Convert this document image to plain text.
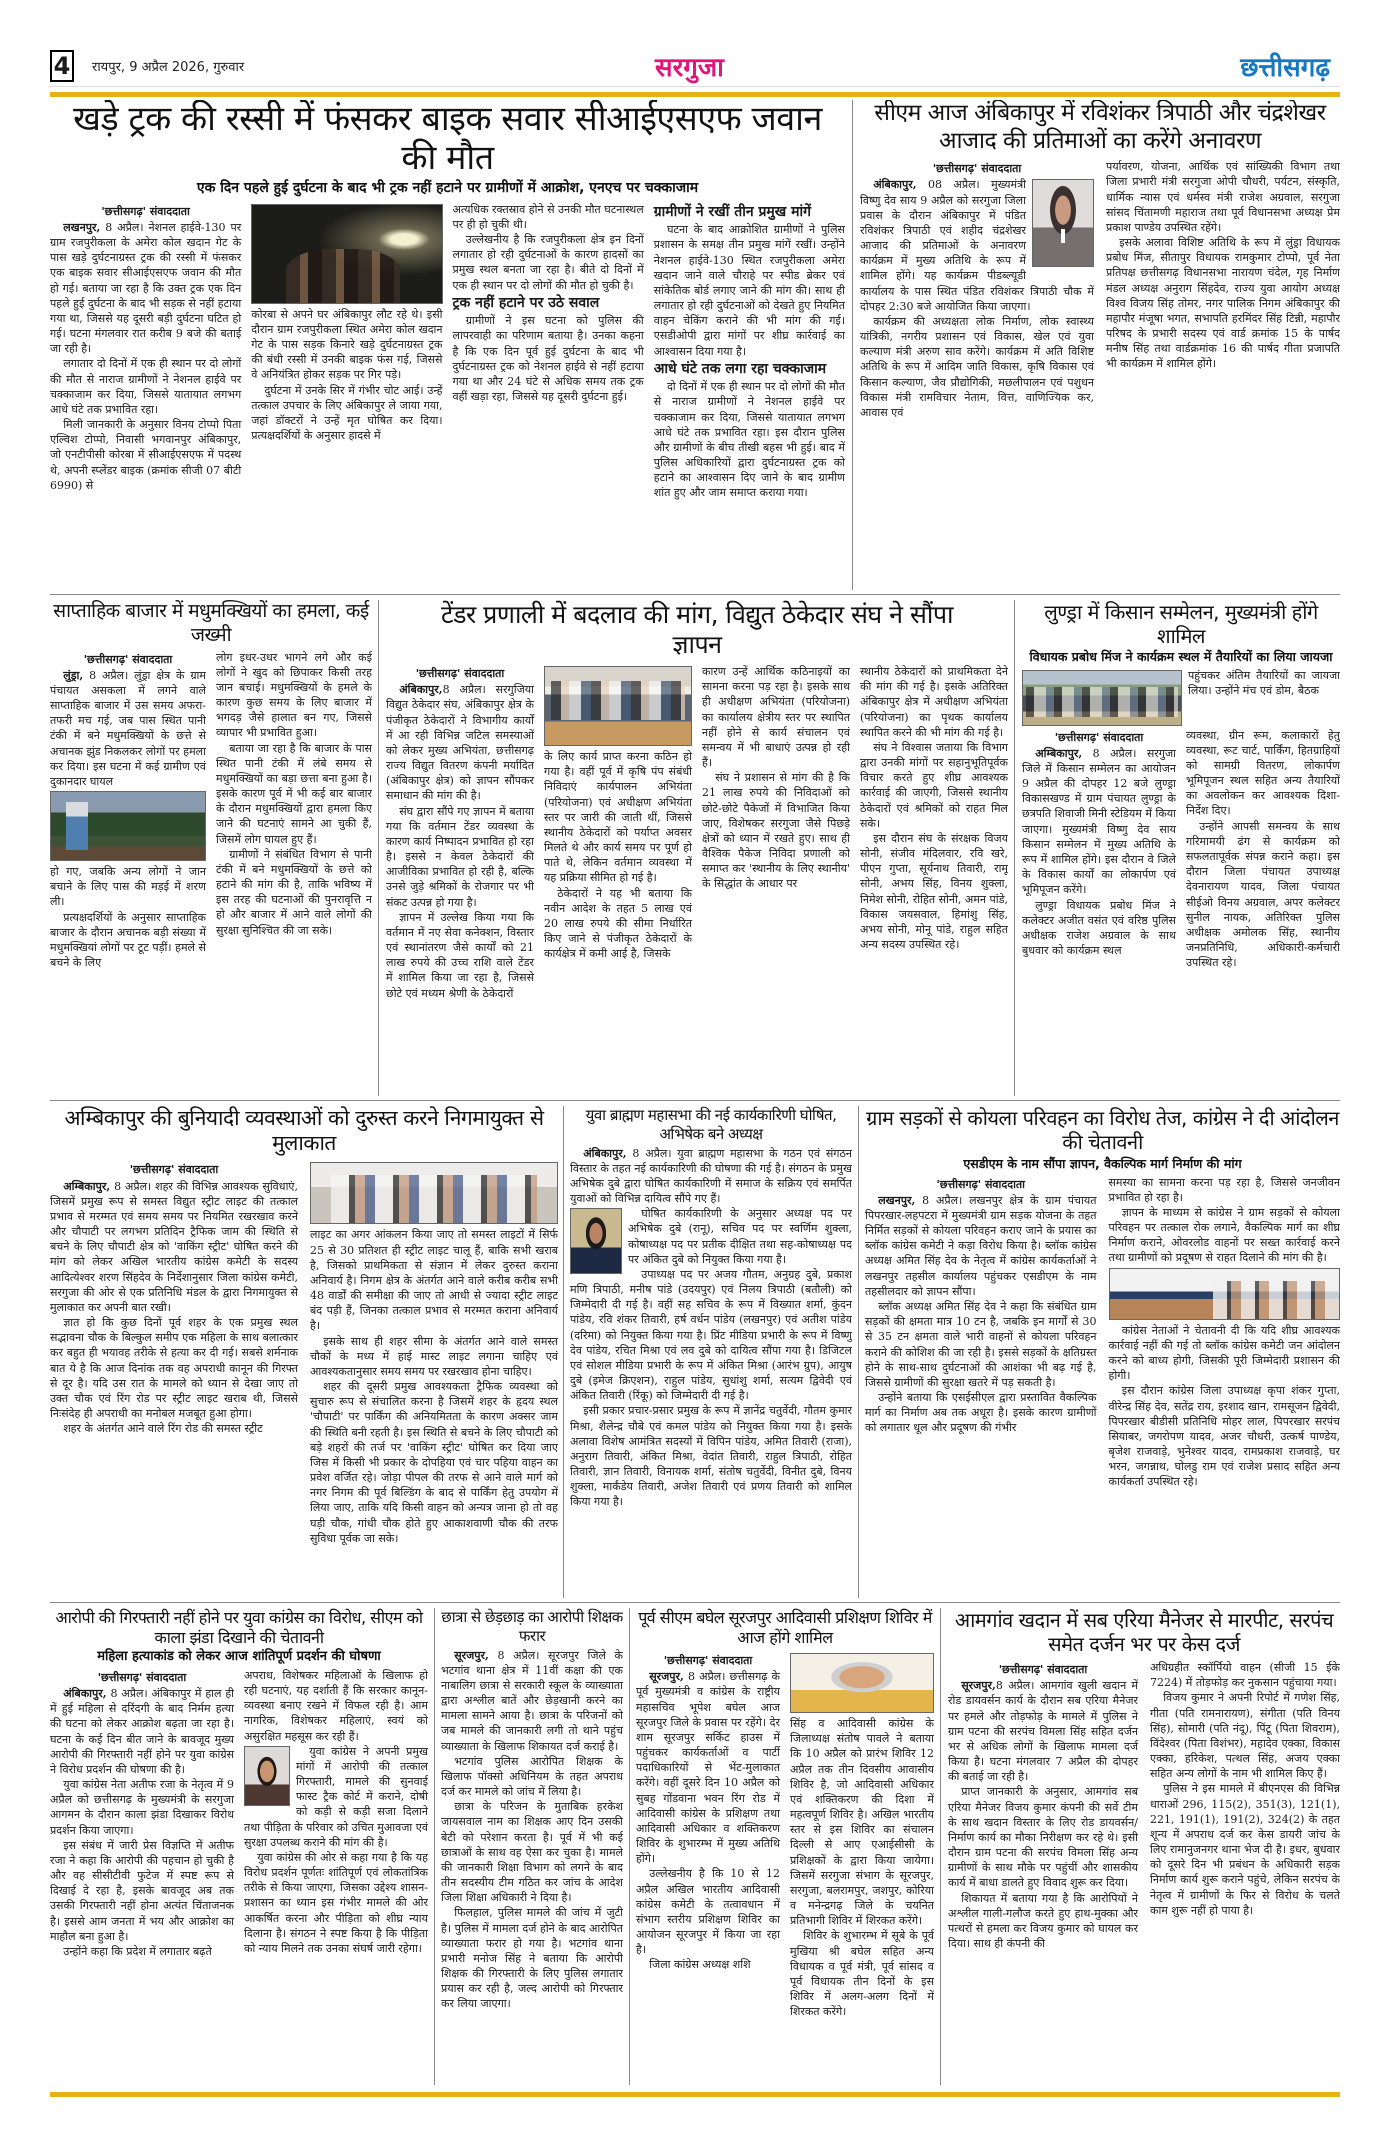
4 रायपुर, 9 अप्रैल 2026, गुरुवार	सरगुजा	छत्तीसगढ़
खड़े ट्रक की रस्सी में फंसकर बाइक सवार सीआईएसएफ जवान की मौत
एक दिन पहले हुई दुर्घटना के बाद भी ट्रक नहीं हटाने पर ग्रामीणों में आक्रोश, एनएच पर चक्काजाम
'छत्तीसगढ़' संवाददाता

लखनपुर, 8 अप्रैल। नेशनल हाईवे-130 पर ग्राम रजपुरीकला के अमेरा कोल खदान गेट के पास खड़े दुर्घटनाग्रस्त ट्रक की रस्सी में फंसकर एक बाइक सवार सीआईएसएफ जवान की मौत हो गई। बताया जा रहा है कि उक्त ट्रक एक दिन पहले हुई दुर्घटना के बाद भी सड़क से नहीं हटाया गया था, जिससे यह दूसरी बड़ी दुर्घटना घटित हो गई। घटना मंगलवार रात करीब 9 बजे की बताई जा रही है।

लगातार दो दिनों में एक ही स्थान पर दो लोगों की मौत से नाराज ग्रामीणों ने नेशनल हाईवे पर चक्काजाम कर दिया, जिससे यातायात लगभग आधे घंटे तक प्रभावित रहा।

मिली जानकारी के अनुसार विनय टोप्पो पिता एल्विश टोप्पो, निवासी भगवानपुर अंबिकापुर, जो एनटीपीसी कोरबा में सीआईएसएफ में पदस्थ थे, अपनी स्प्लेंडर बाइक (क्रमांक सीजी 07 बीटी 6990) से

कोरबा से अपने घर अंबिकापुर लौट रहे थे। इसी दौरान ग्राम रजपुरीकला स्थित अमेरा कोल खदान गेट के पास सड़क किनारे खड़े दुर्घटनाग्रस्त ट्रक की बंधी रस्सी में उनकी बाइक फंस गई, जिससे वे अनियंत्रित होकर सड़क पर गिर पड़े।

दुर्घटना में उनके सिर में गंभीर चोट आई। उन्हें तत्काल उपचार के लिए अंबिकापुर ले जाया गया, जहां डॉक्टरों ने उन्हें मृत घोषित कर दिया। प्रत्यक्षदर्शियों के अनुसार हादसे में

अत्यधिक रक्तस्राव होने से उनकी मौत घटनास्थल पर ही हो चुकी थी।

उल्लेखनीय है कि रजपुरीकला क्षेत्र इन दिनों लगातार हो रही दुर्घटनाओं के कारण हादसों का प्रमुख स्थल बनता जा रहा है। बीते दो दिनों में एक ही स्थान पर दो लोगों की मौत हो चुकी है।

ट्रक नहीं हटाने पर उठे सवाल

ग्रामीणों ने इस घटना को पुलिस की लापरवाही का परिणाम बताया है। उनका कहना है कि एक दिन पूर्व हुई दुर्घटना के बाद भी दुर्घटनाग्रस्त ट्रक को नेशनल हाईवे से नहीं हटाया गया था और 24 घंटे से अधिक समय तक ट्रक वहीं खड़ा रहा, जिससे यह दूसरी दुर्घटना हुई।

ग्रामीणों ने रखीं तीन प्रमुख मांगें

घटना के बाद आक्रोशित ग्रामीणों ने पुलिस प्रशासन के समक्ष तीन प्रमुख मांगें रखीं। उन्होंने नेशनल हाईवे-130 स्थित रजपुरीकला अमेरा खदान जाने वाले चौराहे पर स्पीड ब्रेकर एवं सांकेतिक बोर्ड लगाए जाने की मांग की। साथ ही लगातार हो रही दुर्घटनाओं को देखते हुए नियमित वाहन चेकिंग कराने की भी मांग की गई। एसडीओपी द्वारा मांगों पर शीघ्र कार्रवाई का आश्वासन दिया गया है।

आधे घंटे तक लगा रहा चक्काजाम

दो दिनों में एक ही स्थान पर दो लोगों की मौत से नाराज ग्रामीणों ने नेशनल हाईवे पर चक्काजाम कर दिया, जिससे यातायात लगभग आधे घंटे तक प्रभावित रहा। इस दौरान पुलिस और ग्रामीणों के बीच तीखी बहस भी हुई। बाद में पुलिस अधिकारियों द्वारा दुर्घटनाग्रस्त ट्रक को हटाने का आश्वासन दिए जाने के बाद ग्रामीण शांत हुए और जाम समाप्त कराया गया।

सीएम आज अंबिकापुर में रविशंकर त्रिपाठी और चंद्रशेखर आजाद की प्रतिमाओं का करेंगे अनावरण
'छत्तीसगढ़' संवाददाता

अंबिकापुर, 08 अप्रैल। मुख्यमंत्री विष्णु देव साय 9 अप्रैल को सरगुजा जिला प्रवास के दौरान अंबिकापुर में पंडित रविशंकर त्रिपाठी एवं शहीद चंद्रशेखर आजाद की प्रतिमाओं के अनावरण कार्यक्रम में मुख्य अतिथि के रूप में शामिल होंगे। यह कार्यक्रम पीडब्ल्यूडी कार्यालय के पास स्थित पंडित रविशंकर त्रिपाठी चौक में दोपहर 2:30 बजे आयोजित किया जाएगा।

कार्यक्रम की अध्यक्षता लोक निर्माण, लोक स्वास्थ्य यांत्रिकी, नगरीय प्रशासन एवं विकास, खेल एवं युवा कल्याण मंत्री अरुण साव करेंगे। कार्यक्रम में अति विशिष्ट अतिथि के रूप में आदिम जाति विकास, कृषि विकास एवं किसान कल्याण, जैव प्रौद्योगिकी, मछलीपालन एवं पशुधन विकास मंत्री रामविचार नेताम, वित्त, वाणिज्यिक कर, आवास एवं

पर्यावरण, योजना, आर्थिक एवं सांख्यिकी विभाग तथा जिला प्रभारी मंत्री सरगुजा ओपी चौधरी, पर्यटन, संस्कृति, धार्मिक न्यास एवं धर्मस्व मंत्री राजेश अग्रवाल, सरगुजा सांसद चिंतामणी महाराज तथा पूर्व विधानसभा अध्यक्ष प्रेम प्रकाश पाण्डेय उपस्थित रहेंगे।

इसके अलावा विशिष्ट अतिथि के रूप में लुंड्रा विधायक प्रबोध मिंज, सीतापुर विधायक रामकुमार टोप्पो, पूर्व नेता प्रतिपक्ष छत्तीसगढ़ विधानसभा नारायण चंदेल, गृह निर्माण मंडल अध्यक्ष अनुराग सिंहदेव, राज्य युवा आयोग अध्यक्ष विश्व विजय सिंह तोमर, नगर पालिक निगम अंबिकापुर की महापौर मंजूषा भगत, सभापति हरमिंदर सिंह टिन्नी, महापौर परिषद के प्रभारी सदस्य एवं वार्ड क्रमांक 15 के पार्षद मनीष सिंह तथा वार्डक्रमांक 16 की पार्षद गीता प्रजापति भी कार्यक्रम में शामिल होंगे।

साप्ताहिक बाजार में मधुमक्खियों का हमला, कई जख्मी
'छत्तीसगढ़' संवाददाता

लुंड्रा, 8 अप्रैल। लुंड्रा क्षेत्र के ग्राम पंचायत असकला में लगने वाले साप्ताहिक बाजार में उस समय अफरा-तफरी मच गई, जब पास स्थित पानी टंकी में बने मधुमक्खियों के छत्ते से अचानक झुंड निकलकर लोगों पर हमला कर दिया। इस घटना में कई ग्रामीण एवं दुकानदार घायल

हो गए, जबकि अन्य लोगों ने जान बचाने के लिए पास की मड़ई में शरण ली।

प्रत्यक्षदर्शियों के अनुसार साप्ताहिक बाजार के दौरान अचानक बड़ी संख्या में मधुमक्खियां लोगों पर टूट पड़ीं। हमले से बचने के लिए

लोग इधर-उधर भागने लगे और कई लोगों ने खुद को छिपाकर किसी तरह जान बचाई। मधुमक्खियों के हमले के कारण कुछ समय के लिए बाजार में भगदड़ जैसे हालात बन गए, जिससे व्यापार भी प्रभावित हुआ।

बताया जा रहा है कि बाजार के पास स्थित पानी टंकी में लंबे समय से मधुमक्खियों का बड़ा छत्ता बना हुआ है। इसके कारण पूर्व में भी कई बार बाजार के दौरान मधुमक्खियों द्वारा हमला किए जाने की घटनाएं सामने आ चुकी हैं, जिसमें लोग घायल हुए हैं।

ग्रामीणों ने संबंधित विभाग से पानी टंकी में बने मधुमक्खियों के छत्ते को हटाने की मांग की है, ताकि भविष्य में इस तरह की घटनाओं की पुनरावृत्ति न हो और बाजार में आने वाले लोगों की सुरक्षा सुनिश्चित की जा सके।

टेंडर प्रणाली में बदलाव की मांग, विद्युत ठेकेदार संघ ने सौंपा ज्ञापन
'छत्तीसगढ़' संवाददाता

अंबिकापुर,8 अप्रैल। सरगुजिया विद्युत ठेकेदार संघ, अंबिकापुर क्षेत्र के पंजीकृत ठेकेदारों ने विभागीय कार्यों में आ रही विभिन्न जटिल समस्याओं को लेकर मुख्य अभियंता, छत्तीसगढ़ राज्य विद्युत वितरण कंपनी मर्यादित (अंबिकापुर क्षेत्र) को ज्ञापन सौंपकर समाधान की मांग की है।

संघ द्वारा सौंपे गए ज्ञापन में बताया गया कि वर्तमान टेंडर व्यवस्था के कारण कार्य निष्पादन प्रभावित हो रहा है। इससे न केवल ठेकेदारों की आजीविका प्रभावित हो रही है, बल्कि उनसे जुड़े श्रमिकों के रोजगार पर भी संकट उत्पन्न हो गया है।

ज्ञापन में उल्लेख किया गया कि वर्तमान में नए सेवा कनेक्शन, विस्तार एवं स्थानांतरण जैसे कार्यों को 21 लाख रुपये की उच्च राशि वाले टेंडर में शामिल किया जा रहा है, जिससे छोटे एवं मध्यम श्रेणी के ठेकेदारों

के लिए कार्य प्राप्त करना कठिन हो गया है। वहीं पूर्व में कृषि पंप संबंधी निविदाएं कार्यपालन अभियंता (परियोजना) एवं अधीक्षण अभियंता स्तर पर जारी की जाती थीं, जिससे स्थानीय ठेकेदारों को पर्याप्त अवसर मिलते थे और कार्य समय पर पूर्ण हो पाते थे, लेकिन वर्तमान व्यवस्था में यह प्रक्रिया सीमित हो गई है।

ठेकेदारों ने यह भी बताया कि नवीन आदेश के तहत 5 लाख एवं 20 लाख रुपये की सीमा निर्धारित किए जाने से पंजीकृत ठेकेदारों के कार्यक्षेत्र में कमी आई है, जिसके

कारण उन्हें आर्थिक कठिनाइयों का सामना करना पड़ रहा है। इसके साथ ही अधीक्षण अभियंता (परियोजना) का कार्यालय क्षेत्रीय स्तर पर स्थापित नहीं होने से कार्य संचालन एवं समन्वय में भी बाधाएं उत्पन्न हो रही हैं।

संघ ने प्रशासन से मांग की है कि 21 लाख रुपये की निविदाओं को छोटे-छोटे पैकेजों में विभाजित किया जाए, विशेषकर सरगुजा जैसे पिछड़े क्षेत्रों को ध्यान में रखते हुए। साथ ही वैश्विक पैकेज निविदा प्रणाली को समाप्त कर 'स्थानीय के लिए स्थानीय' के सिद्धांत के आधार पर

स्थानीय ठेकेदारों को प्राथमिकता देने की मांग की गई है। इसके अतिरिक्त अंबिकापुर क्षेत्र में अधीक्षण अभियंता (परियोजना) का पृथक कार्यालय स्थापित करने की भी मांग की गई है।

संघ ने विश्वास जताया कि विभाग द्वारा उनकी मांगों पर सहानुभूतिपूर्वक विचार करते हुए शीघ्र आवश्यक कार्रवाई की जाएगी, जिससे स्थानीय ठेकेदारों एवं श्रमिकों को राहत मिल सके।

इस दौरान संघ के संरक्षक विजय सोनी, संजीव मंदिलवार, रवि खरे, पीएन गुप्ता, सूर्यनाथ तिवारी, रामू सोनी, अभय सिंह, विनय शुक्ला, निमेश सोनी, रोहित सोनी, अमन पांडे, विकास जयसवाल, हिमांशु सिंह, अभय सोनी, मोनू पांडे, राहुल सहित अन्य सदस्य उपस्थित रहे।

लुण्ड्रा में किसान सम्मेलन, मुख्यमंत्री होंगे शामिल
विधायक प्रबोध मिंज ने कार्यक्रम स्थल में तैयारियों का लिया जायजा

पहुंचकर अंतिम तैयारियों का जायजा लिया। उन्होंने मंच एवं डोम, बैठक

'छत्तीसगढ़' संवाददाता

अम्बिकापुर, 8 अप्रैल। सरगुजा जिले में किसान सम्मेलन का आयोजन 9 अप्रैल की दोपहर 12 बजे लुण्ड्रा विकासखण्ड में ग्राम पंचायत लुण्ड्रा के छत्रपति शिवाजी मिनी स्टेडियम में किया जाएगा। मुख्यमंत्री विष्णु देव साय किसान सम्मेलन में मुख्य अतिथि के रूप में शामिल होंगे। इस दौरान वे जिले के विकास कार्यों का लोकार्पण एवं भूमिपूजन करेंगे।

लुण्ड्रा विधायक प्रबोध मिंज ने कलेक्टर अजीत वसंत एवं वरिष्ठ पुलिस अधीक्षक राजेश अग्रवाल के साथ बुधवार को कार्यक्रम स्थल

व्यवस्था, ग्रीन रूम, कलाकारों हेतु व्यवस्था, रूट चार्ट, पार्किंग, हितग्राहियों को सामग्री वितरण, लोकार्पण भूमिपूजन स्थल सहित अन्य तैयारियों का अवलोकन कर आवश्यक दिशा- निर्देश दिए।

उन्होंने आपसी समन्वय के साथ गरिमामयी ढंग से कार्यक्रम को सफलतापूर्वक संपन्न कराने कहा। इस दौरान जिला पंचायत उपाध्यक्ष देवनारायण यादव, जिला पंचायत सीईओ विनय अग्रवाल, अपर कलेक्टर सुनील नायक, अतिरिक्त पुलिस अधीक्षक अमोलक सिंह, स्थानीय जनप्रतिनिधि, अधिकारी-कर्मचारी उपस्थित रहे।

अम्बिकापुर की बुनियादी व्यवस्थाओं को दुरुस्त करने निगमायुक्त से मुलाकात
'छत्तीसगढ़' संवाददाता

अम्बिकापुर, 8 अप्रैल। शहर की विभिन्न आवश्यक सुविधाएं, जिसमें प्रमुख रूप से समस्त विद्युत स्ट्रीट लाइट की तत्काल प्रभाव से मरम्मत एवं समय समय पर नियमित रखरखाव करने और चौपाटी पर लगभग प्रतिदिन ट्रैफिक जाम की स्थिति से बचने के लिए चौपाटी क्षेत्र को 'वाकिंग स्ट्रीट' घोषित करने की मांग को लेकर अखिल भारतीय कांग्रेस कमेटी के सदस्य आदित्येश्वर शरण सिंहदेव के निर्देशानुसार जिला कांग्रेस कमेटी, सरगुजा की ओर से एक प्रतिनिधि मंडल के द्वारा निगमायुक्त से मुलाकात कर अपनी बात रखी।

ज्ञात हो कि कुछ दिनों पूर्व शहर के एक प्रमुख स्थल सद्भावना चौक के बिल्कुल समीप एक महिला के साथ बलात्कार कर बहुत ही भयावह तरीके से हत्या कर दी गई। सबसे शर्मनाक बात ये है कि आज दिनांक तक वह अपराधी कानून की गिरफ्त से दूर है। यदि उस रात के मामले को ध्यान से देखा जाए तो उक्त चौक एवं रिंग रोड पर स्ट्रीट लाइट खराब थी, जिससे निःसंदेह ही अपराधी का मनोबल मजबूत हुआ होगा।

शहर के अंतर्गत आने वाले रिंग रोड की समस्त स्ट्रीट

लाइट का अगर आंकलन किया जाए तो समस्त लाइटों में सिर्फ 25 से 30 प्रतिशत ही स्ट्रीट लाइट चालू हैं, बाकि सभी खराब है, जिसको प्राथमिकता से संज्ञान में लेकर दुरुस्त कराना अनिवार्य है। निगम क्षेत्र के अंतर्गत आने वाले करीब करीब सभी 48 वार्डों की समीक्षा की जाए तो आधी से ज्यादा स्ट्रीट लाइट बंद पड़ी हैं, जिनका तत्काल प्रभाव से मरम्मत कराना अनिवार्य है।

इसके साथ ही शहर सीमा के अंतर्गत आने वाले समस्त चौकों के मध्य में हाई मास्ट लाइट लगाना चाहिए एवं आवश्यकतानुसार समय समय पर रखरखाव होना चाहिए।

शहर की दूसरी प्रमुख आवश्यकता ट्रैफिक व्यवस्था को सुचारु रूप से संचालित करना है जिसमें शहर के हृदय स्थल 'चौपाटी' पर पार्किंग की अनियमितता के कारण अक्सर जाम की स्थिति बनी रहती है। इस स्थिति से बचने के लिए चौपाटी को बड़े शहरों की तर्ज पर 'वाकिंग स्ट्रीट' घोषित कर दिया जाए जिस में किसी भी प्रकार के दोपहिया एवं चार पहिया वाहन का प्रवेश वर्जित रहे। जोड़ा पीपल की तरफ से आने वाले मार्ग को नगर निगम की पूर्व बिल्डिंग के बाद से पार्किंग हेतु उपयोग में लिया जाए, ताकि यदि किसी वाहन को अन्यत्र जाना हो तो वह घड़ी चौक, गांधी चौक होते हुए आकाशवाणी चौक की तरफ सुविधा पूर्वक जा सके।

युवा ब्राह्मण महासभा की नई कार्यकारिणी घोषित, अभिषेक बने अध्यक्ष

अंबिकापुर, 8 अप्रैल। युवा ब्राह्मण महासभा के गठन एवं संगठन विस्तार के तहत नई कार्यकारिणी की घोषणा की गई है। संगठन के प्रमुख अभिषेक दुबे द्वारा घोषित कार्यकारिणी में समाज के सक्रिय एवं समर्पित युवाओं को विभिन्न दायित्व सौंपे गए हैं।

घोषित कार्यकारिणी के अनुसार अध्यक्ष पद पर अभिषेक दुबे (रानू), सचिव पद पर स्वर्णिम शुक्ला, कोषाध्यक्ष पद पर प्रतीक दीक्षित तथा सह-कोषाध्यक्ष पद पर अंकित दुबे को नियुक्त किया गया है।

उपाध्यक्ष पद पर अजय गौतम, अनुग्रह दुबे, प्रकाश मणि त्रिपाठी, मनीष पांडे (उदयपुर) एवं निलय त्रिपाठी (बतौली) को जिम्मेदारी दी गई है। वहीं सह सचिव के रूप में विख्यात शर्मा, कुंदन पांडेय, रवि शंकर तिवारी, हर्ष वर्धन पांडेय (लखनपुर) एवं अतीश पांडेय (दरिमा) को नियुक्त किया गया है। प्रिंट मीडिया प्रभारी के रूप में विष्णु देव पांडेय, रचित मिश्रा एवं लव दुबे को दायित्व सौंपा गया है। डिजिटल एवं सोशल मीडिया प्रभारी के रूप में अंकित मिश्रा (आरंभ ग्रुप), आयुष दुबे (इमेज क्रिएशन), राहुल पांडेय, सुधांशु शर्मा, सत्यम द्विवेदी एवं अंकित तिवारी (रिंकू) को जिम्मेदारी दी गई है।

इसी प्रकार प्रचार-प्रसार प्रमुख के रूप में ज्ञानेंद्र चतुर्वेदी, गौतम कुमार मिश्रा, शैलेन्द्र चौबे एवं कमल पांडेय को नियुक्त किया गया है। इसके अलावा विशेष आमंत्रित सदस्यों में विपिन पांडेय, अमित तिवारी (राजा), अनुराग तिवारी, अंकित मिश्रा, वेदांत तिवारी, राहुल त्रिपाठी, रोहित तिवारी, ज्ञान तिवारी, विनायक शर्मा, संतोष चतुर्वेदी, विनीत दुबे, विनय शुक्ला, मार्कंडेय तिवारी, अजेश तिवारी एवं प्रणय तिवारी को शामिल किया गया है।

ग्राम सड़कों से कोयला परिवहन का विरोध तेज, कांग्रेस ने दी आंदोलन की चेतावनी
एसडीएम के नाम सौंपा ज्ञापन, वैकल्पिक मार्ग निर्माण की मांग
'छत्तीसगढ़' संवाददाता

लखनपुर, 8 अप्रैल। लखनपुर क्षेत्र के ग्राम पंचायत पिपरखार-लहपटरा में मुख्यमंत्री ग्राम सड़क योजना के तहत निर्मित सड़कों से कोयला परिवहन कराए जाने के प्रयास का ब्लॉक कांग्रेस कमेटी ने कड़ा विरोध किया है। ब्लॉक कांग्रेस अध्यक्ष अमित सिंह देव के नेतृत्व में कांग्रेस कार्यकर्ताओं ने लखनपुर तहसील कार्यालय पहुंचकर एसडीएम के नाम तहसीलदार को ज्ञापन सौंपा।

ब्लॉक अध्यक्ष अमित सिंह देव ने कहा कि संबंधित ग्राम सड़कों की क्षमता मात्र 10 टन है, जबकि इन मार्गों से 30 से 35 टन क्षमता वाले भारी वाहनों से कोयला परिवहन कराने की कोशिश की जा रही है। इससे सड़कों के क्षतिग्रस्त होने के साथ-साथ दुर्घटनाओं की आशंका भी बढ़ गई है, जिससे ग्रामीणों की सुरक्षा खतरे में पड़ सकती है।

उन्होंने बताया कि एसईसीएल द्वारा प्रस्तावित वैकल्पिक मार्ग का निर्माण अब तक अधूरा है। इसके कारण ग्रामीणों को लगातार धूल और प्रदूषण की गंभीर

समस्या का सामना करना पड़ रहा है, जिससे जनजीवन प्रभावित हो रहा है।

ज्ञापन के माध्यम से कांग्रेस ने ग्राम सड़कों से कोयला परिवहन पर तत्काल रोक लगाने, वैकल्पिक मार्ग का शीघ्र निर्माण कराने, ओवरलोड वाहनों पर सख्त कार्रवाई करने तथा ग्रामीणों को प्रदूषण से राहत दिलाने की मांग की है।

कांग्रेस नेताओं ने चेतावनी दी कि यदि शीघ्र आवश्यक कार्रवाई नहीं की गई तो ब्लॉक कांग्रेस कमेटी जन आंदोलन करने को बाध्य होगी, जिसकी पूरी जिम्मेदारी प्रशासन की होगी।

इस दौरान कांग्रेस जिला उपाध्यक्ष कृपा शंकर गुप्ता, वीरेन्द्र सिंह देव, सतेंद्र राय, इरशाद खान, रामसूजन द्विवेदी, पिपरखार बीडीसी प्रतिनिधि मोहर लाल, पिपरखार सरपंच सियाबर, जगरोपण यादव, अजर चौधरी, उत्कर्ष पाण्डेय, बृजेश राजवाड़े, भुनेश्वर यादव, रामप्रकाश राजवाड़े, घर भरन, जगन्नाथ, घोलडु राम एवं राजेश प्रसाद सहित अन्य कार्यकर्ता उपस्थित रहे।

आरोपी की गिरफ्तारी नहीं होने पर युवा कांग्रेस का विरोध, सीएम को काला झंडा दिखाने की चेतावनी
महिला हत्याकांड को लेकर आज शांतिपूर्ण प्रदर्शन की घोषणा
'छत्तीसगढ़' संवाददाता

अंबिकापुर, 8 अप्रैल। अंबिकापुर में हाल ही में हुई महिला से दरिंदगी के बाद निर्मम हत्या की घटना को लेकर आक्रोश बढ़ता जा रहा है। घटना के कई दिन बीत जाने के बावजूद मुख्य आरोपी की गिरफ्तारी नहीं होने पर युवा कांग्रेस ने विरोध प्रदर्शन की घोषणा की है।

युवा कांग्रेस नेता अतीफ रजा के नेतृत्व में 9 अप्रैल को छत्तीसगढ़ के मुख्यमंत्री के सरगुजा आगमन के दौरान काला झंडा दिखाकर विरोध प्रदर्शन किया जाएगा।

इस संबंध में जारी प्रेस विज्ञप्ति में अतीफ रजा ने कहा कि आरोपी की पहचान हो चुकी है और वह सीसीटीवी फुटेज में स्पष्ट रूप से दिखाई दे रहा है, इसके बावजूद अब तक उसकी गिरफ्तारी नहीं होना अत्यंत चिंताजनक है। इससे आम जनता में भय और आक्रोश का माहौल बना हुआ है।

उन्होंने कहा कि प्रदेश में लगातार बढ़ते

अपराध, विशेषकर महिलाओं के खिलाफ हो रही घटनाएं, यह दर्शाती हैं कि सरकार कानून-व्यवस्था बनाए रखने में विफल रही है। आम नागरिक, विशेषकर महिलाएं, स्वयं को असुरक्षित महसूस कर रही हैं।

युवा कांग्रेस ने अपनी प्रमुख मांगों में आरोपी की तत्काल गिरफ्तारी, मामले की सुनवाई फास्ट ट्रैक कोर्ट में कराने, दोषी को कड़ी से कड़ी सजा दिलाने तथा पीड़िता के परिवार को उचित मुआवजा एवं सुरक्षा उपलब्ध कराने की मांग की है।

युवा कांग्रेस की ओर से कहा गया है कि यह विरोध प्रदर्शन पूर्णतः शांतिपूर्ण एवं लोकतांत्रिक तरीके से किया जाएगा, जिसका उद्देश्य शासन-प्रशासन का ध्यान इस गंभीर मामले की ओर आकर्षित करना और पीड़िता को शीघ्र न्याय दिलाना है। संगठन ने स्पष्ट किया है कि पीड़िता को न्याय मिलने तक उनका संघर्ष जारी रहेगा।

छात्रा से छेड़छाड़ का आरोपी शिक्षक फरार

सूरजपुर, 8 अप्रैल। सूरजपुर जिले के भटगांव थाना क्षेत्र में 11वीं कक्षा की एक नाबालिग छात्रा से सरकारी स्कूल के व्याख्याता द्वारा अश्लील बातें और छेड़खानी करने का मामला सामने आया है। छात्रा के परिजनों को जब मामले की जानकारी लगी तो थाने पहुंच व्याख्याता के खिलाफ शिकायत दर्ज कराई है।

भटगांव पुलिस आरोपित शिक्षक के खिलाफ पॉक्सो अधिनियम के तहत अपराध दर्ज कर मामले को जांच में लिया है।

छात्रा के परिजन के मुताबिक हरकेश जायसवाल नाम का शिक्षक आए दिन उसकी बेटी को परेशान करता है। पूर्व में भी कई छात्राओं के साथ वह ऐसा कर चुका है। मामले की जानकारी शिक्षा विभाग को लगने के बाद तीन सदस्यीय टीम गठित कर जांच के आदेश जिला शिक्षा अधिकारी ने दिया है।

फिलहाल, पुलिस मामले की जांच में जुटी है। पुलिस में मामला दर्ज होने के बाद आरोपित व्याख्याता फरार हो गया है। भटगांव थाना प्रभारी मनोज सिंह ने बताया कि आरोपी शिक्षक की गिरफ्तारी के लिए पुलिस लगातार प्रयास कर रही है, जल्द आरोपी को गिरफ्तार कर लिया जाएगा।

पूर्व सीएम बघेल सूरजपुर आदिवासी प्रशिक्षण शिविर में आज होंगे शामिल
'छत्तीसगढ़' संवाददाता

सूरजपुर, 8 अप्रैल। छत्तीसगढ़ के पूर्व मुख्यमंत्री व कांग्रेस के राष्ट्रीय महासचिव भूपेश बघेल आज सूरजपुर जिले के प्रवास पर रहेंगे। देर शाम सूरजपुर सर्किट हाउस में पहुंचकर कार्यकर्ताओं व पार्टी पदाधिकारियों से भेंट-मुलाकात करेंगे। वहीं दूसरे दिन 10 अप्रैल को सुबह गोंडवाना भवन रिंग रोड में आदिवासी कांग्रेस के प्रशिक्षण तथा आदिवासी अधिकार व शक्तिकरण शिविर के शुभारम्भ में मुख्य अतिथि होंगे।

उल्लेखनीय है कि 10 से 12 अप्रैल अखिल भारतीय आदिवासी कांग्रेस कमेटी के तत्वावधान में संभाग स्तरीय प्रशिक्षण शिविर का आयोजन सूरजपुर में किया जा रहा है।

जिला कांग्रेस अध्यक्ष शशि

सिंह व आदिवासी कांग्रेस के जिलाध्यक्ष संतोष पावले ने बताया कि 10 अप्रैल को प्रारंभ शिविर 12 अप्रैल तक तीन दिवसीय आवासीय शिविर है, जो आदिवासी अधिकार एवं शक्तिकरण की दिशा में महत्वपूर्ण शिविर है। अखिल भारतीय स्तर से इस शिविर का संचालन दिल्ली से आए एआईसीसी के प्रशिक्षकों के द्वारा किया जायेगा। जिसमें सरगुजा संभाग के सूरजपुर, सरगुजा, बलरामपुर, जशपुर, कोरिया व मनेन्द्रगढ़ जिले के चयनित प्रतिभागी शिविर में शिरकत करेंगे।

शिविर के शुभारम्भ में सूबे के पूर्व मुखिया श्री बघेल सहित अन्य विधायक व पूर्व मंत्री, पूर्व सांसद व पूर्व विधायक तीन दिनों के इस शिविर में अलग-अलग दिनों में शिरकत करेंगे।

आमगांव खदान में सब एरिया मैनेजर से मारपीट, सरपंच समेत दर्जन भर पर केस दर्ज
'छत्तीसगढ़' संवाददाता

सूरजपुर,8 अप्रैल। आमगांव खुली खदान में रोड डायवर्सन कार्य के दौरान सब एरिया मैनेजर पर हमले और तोड़फोड़ के मामले में पुलिस ने ग्राम पटना की सरपंच विमला सिंह सहित दर्जन भर से अधिक लोगों के खिलाफ मामला दर्ज किया है। घटना मंगलवार 7 अप्रैल की दोपहर की बताई जा रही है।

प्राप्त जानकारी के अनुसार, आमगांव सब एरिया मैनेजर विजय कुमार कंपनी की सर्वे टीम के साथ खदान विस्तार के लिए रोड डायवर्सन/निर्माण कार्य का मौका निरीक्षण कर रहे थे। इसी दौरान ग्राम पटना की सरपंच विमला सिंह अन्य ग्रामीणों के साथ मौके पर पहुंचीं और शासकीय कार्य में बाधा डालते हुए विवाद शुरू कर दिया।

शिकायत में बताया गया है कि आरोपियों ने अश्लील गाली-गलौज करते हुए हाथ-मुक्का और पत्थरों से हमला कर विजय कुमार को घायल कर दिया। साथ ही कंपनी की

अधिग्रहीत स्कॉर्पियो वाहन (सीजी 15 ईके 7224) में तोड़फोड़ कर नुकसान पहुंचाया गया।

विजय कुमार ने अपनी रिपोर्ट में गणेश सिंह, गीता (पति रामनारायण), संगीता (पति विनय सिंह), सोमारी (पति नंदू), पिंटू (पिता शिवराम), विंदेश्वर (पिता विशंभर), महादेव एक्का, विकास एक्का, हरिकेश, पत्थल सिंह, अजय एक्का सहित अन्य लोगों के नाम भी शामिल किए हैं।

पुलिस ने इस मामले में बीएनएस की विभिन्न धाराओं 296, 115(2), 351(3), 121(1), 221, 191(1), 191(2), 324(2) के तहत शून्य में अपराध दर्ज कर केस डायरी जांच के लिए रामानुजनगर थाना भेज दी है। इधर, बुधवार को दूसरे दिन भी प्रबंधन के अधिकारी सड़क निर्माण कार्य शुरू कराने पहुंचे, लेकिन सरपंच के नेतृत्व में ग्रामीणों के फिर से विरोध के चलते काम शुरू नहीं हो पाया है।
